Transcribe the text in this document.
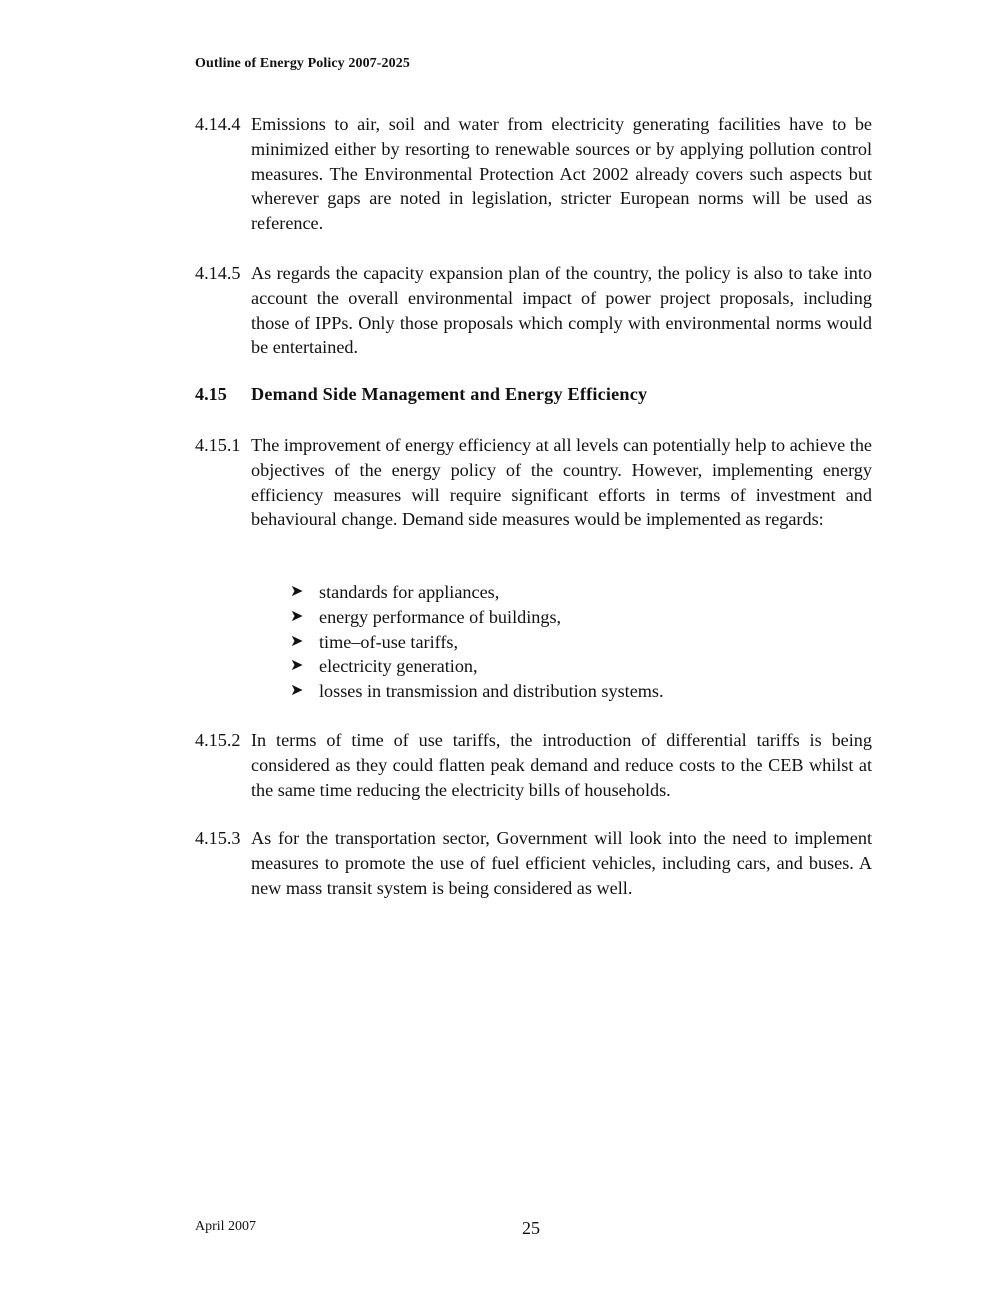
Outline of Energy Policy 2007-2025
4.14.4 Emissions to air, soil and water from electricity generating facilities have to be minimized either by resorting to renewable sources or by applying pollution control measures. The Environmental Protection Act 2002 already covers such aspects but wherever gaps are noted in legislation, stricter European norms will be used as reference.
4.14.5 As regards the capacity expansion plan of the country, the policy is also to take into account the overall environmental impact of power project proposals, including those of IPPs. Only those proposals which comply with environmental norms would be entertained.
4.15 Demand Side Management and Energy Efficiency
4.15.1 The improvement of energy efficiency at all levels can potentially help to achieve the objectives of the energy policy of the country. However, implementing energy efficiency measures will require significant efforts in terms of investment and behavioural change. Demand side measures would be implemented as regards:
➤ standards for appliances,
➤ energy performance of buildings,
➤ time–of-use tariffs,
➤ electricity generation,
➤ losses in transmission and distribution systems.
4.15.2 In terms of time of use tariffs, the introduction of differential tariffs is being considered as they could flatten peak demand and reduce costs to the CEB whilst at the same time reducing the electricity bills of households.
4.15.3 As for the transportation sector, Government will look into the need to implement measures to promote the use of fuel efficient vehicles, including cars, and buses. A new mass transit system is being considered as well.
April 2007	25
